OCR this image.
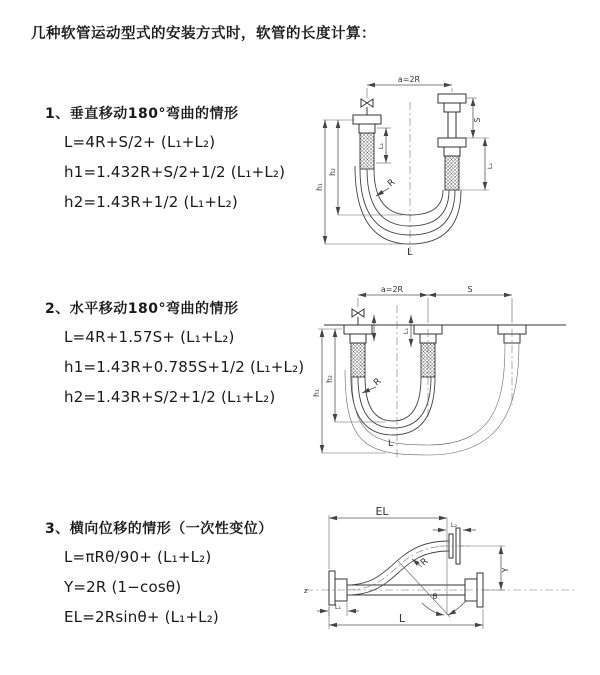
几种软管运动型式的安装方式时，软管的长度计算：
1、垂直移动180°弯曲的情形
L=4R+S/2+ (L₁+L₂)
h1=1.432R+S/2+1/2 (L₁+L₂)
h2=1.43R+1/2 (L₁+L₂)
2、水平移动180°弯曲的情形
L=4R+1.57S+ (L₁+L₂)
h1=1.43R+0.785S+1/2 (L₁+L₂)
h2=1.43R+S/2+1/2 (L₁+L₂)
3、横向位移的情形（一次性变位）
L=πRθ/90+ (L₁+L₂)
Y=2R (1−cosθ)
EL=2Rsinθ+ (L₁+L₂)
a=2R
h₁
h₂
L₁
S
L₂
R
L
a=2R	S
h₁
h₂
L₁
R
L
z
θ
EL
L₂
Y
L
L₁
R
